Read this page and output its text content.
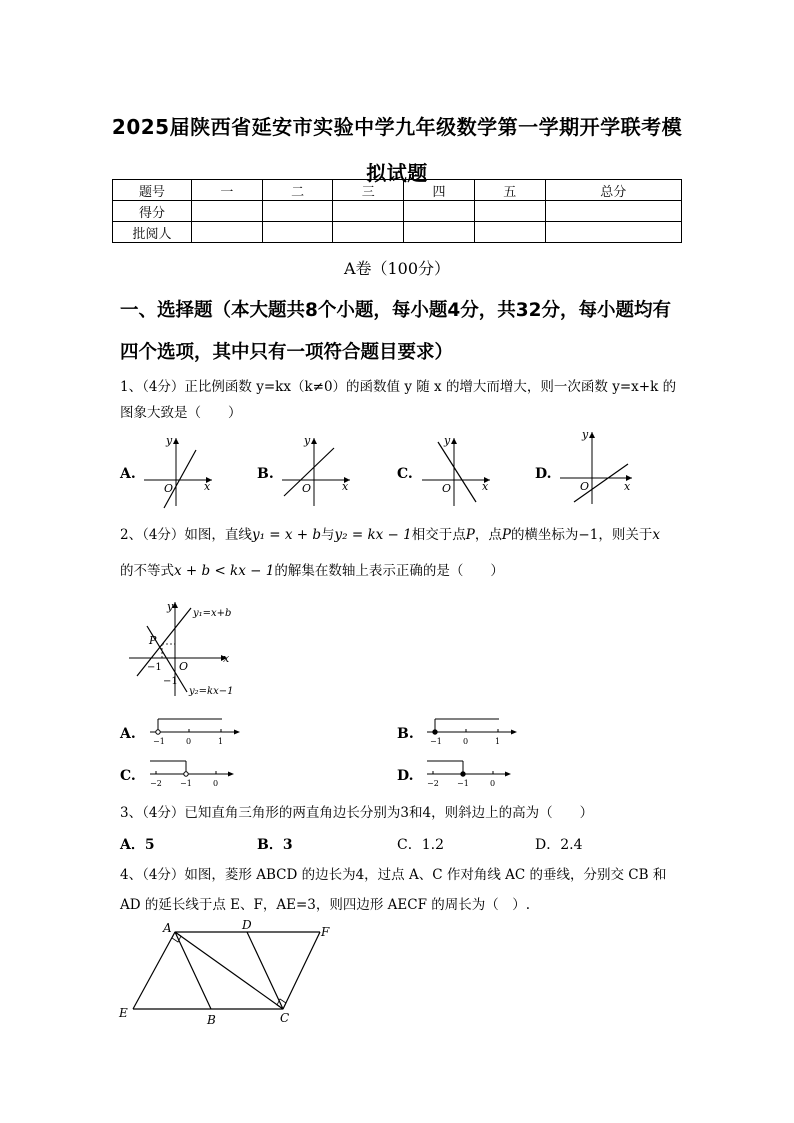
2025届陕西省延安市实验中学九年级数学第一学期开学联考模拟试题
题号	一	二	三	四	五	总分
得分						
批阅人						
A卷（100分）
一、选择题（本大题共8个小题，每小题4分，共32分，每小题均有四个选项，其中只有一项符合题目要求）
1、（4分）正比例函数 y=kx（k≠0）的函数值 y 随 x 的增大而增大，则一次函数 y=x+k 的图象大致是（　　）
A.	B.	C.	D.
y
x
O
y
x
O
y
x
O
y
x
O
2、（4分）如图，直线y₁ = x + b与y₂ = kx − 1相交于点P，点P的横坐标为−1，则关于x
的不等式x + b < kx − 1的解集在数轴上表示正确的是（　　）
y
y₁=x+b
P
−1 O
x
−1
y₂=kx−1
A. −1	0	1	B. −1	0	1
C. −2 −1	0	D. −2 −1	0
3、（4分）已知直角三角形的两直角边长分别为3和4，则斜边上的高为（　　）
A．5	B．3	C．1.2	D．2.4
4、（4分）如图，菱形 ABCD 的边长为4，过点 A、C 作对角线 AC 的垂线，分别交 CB 和
AD 的延长线于点 E、F，AE=3，则四边形 AECF 的周长为（　）.
A	D	F
E	B	C
